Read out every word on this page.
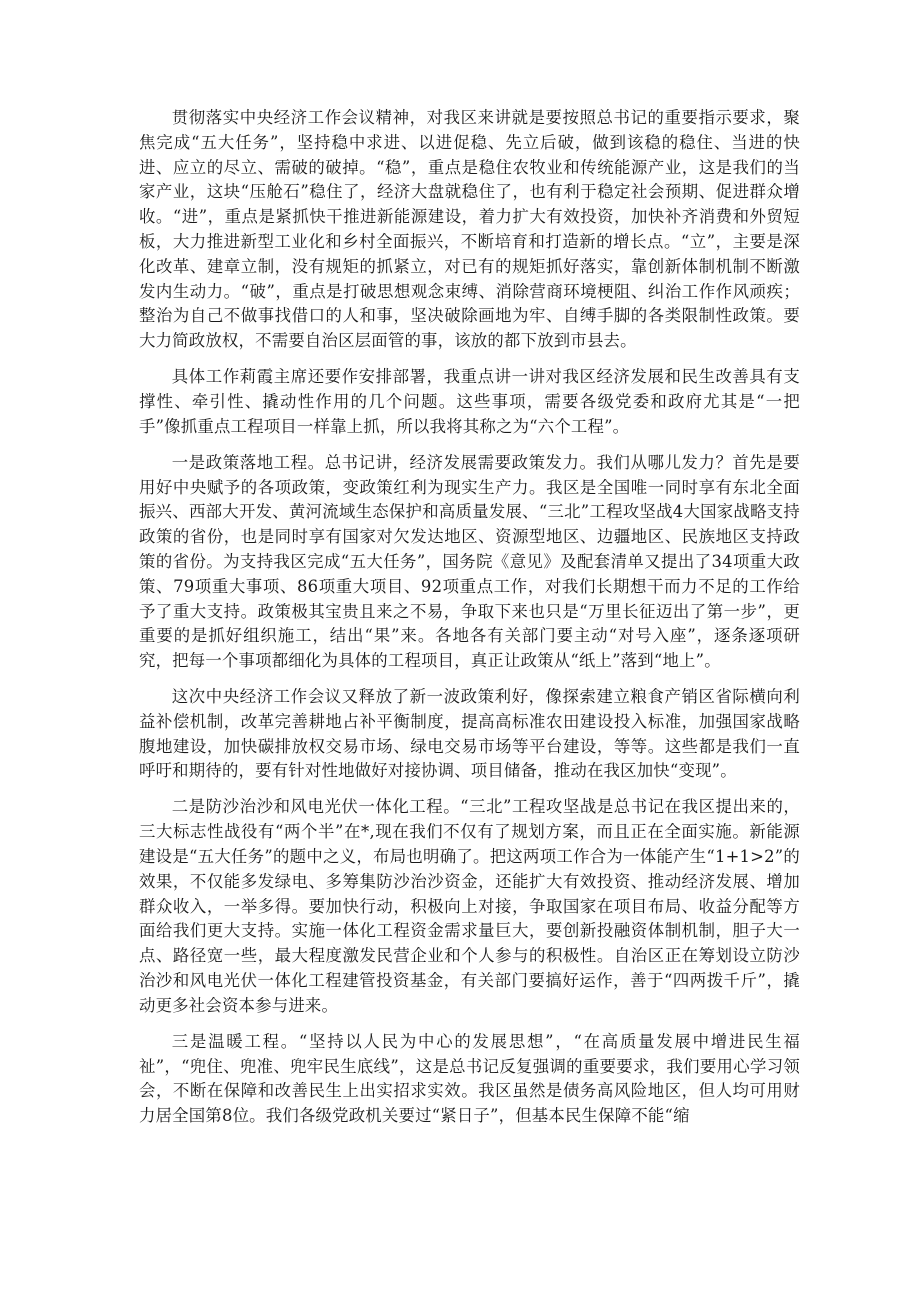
贯彻落实中央经济工作会议精神，对我区来讲就是要按照总书记的重要指示要求，聚焦完成“五大任务”，坚持稳中求进、以进促稳、先立后破，做到该稳的稳住、当进的快进、应立的尽立、需破的破掉。“稳”，重点是稳住农牧业和传统能源产业，这是我们的当家产业，这块“压舱石”稳住了，经济大盘就稳住了，也有利于稳定社会预期、促进群众增收。“进”，重点是紧抓快干推进新能源建设，着力扩大有效投资，加快补齐消费和外贸短板，大力推进新型工业化和乡村全面振兴，不断培育和打造新的增长点。“立”，主要是深化改革、建章立制，没有规矩的抓紧立，对已有的规矩抓好落实，靠创新体制机制不断激发内生动力。“破”，重点是打破思想观念束缚、消除营商环境梗阻、纠治工作作风顽疾；整治为自己不做事找借口的人和事，坚决破除画地为牢、自缚手脚的各类限制性政策。要大力简政放权，不需要自治区层面管的事，该放的都下放到市县去。

具体工作莉霞主席还要作安排部署，我重点讲一讲对我区经济发展和民生改善具有支撑性、牵引性、撬动性作用的几个问题。这些事项，需要各级党委和政府尤其是“一把手”像抓重点工程项目一样靠上抓，所以我将其称之为“六个工程”。

一是政策落地工程。总书记讲，经济发展需要政策发力。我们从哪儿发力？首先是要用好中央赋予的各项政策，变政策红利为现实生产力。我区是全国唯一同时享有东北全面振兴、西部大开发、黄河流域生态保护和高质量发展、“三北”工程攻坚战4大国家战略支持政策的省份，也是同时享有国家对欠发达地区、资源型地区、边疆地区、民族地区支持政策的省份。为支持我区完成“五大任务”，国务院《意见》及配套清单又提出了34项重大政策、79项重大事项、86项重大项目、92项重点工作，对我们长期想干而力不足的工作给予了重大支持。政策极其宝贵且来之不易，争取下来也只是“万里长征迈出了第一步”，更重要的是抓好组织施工，结出“果”来。各地各有关部门要主动“对号入座”，逐条逐项研究，把每一个事项都细化为具体的工程项目，真正让政策从“纸上”落到“地上”。

这次中央经济工作会议又释放了新一波政策利好，像探索建立粮食产销区省际横向利益补偿机制，改革完善耕地占补平衡制度，提高高标准农田建设投入标准，加强国家战略腹地建设，加快碳排放权交易市场、绿电交易市场等平台建设，等等。这些都是我们一直呼吁和期待的，要有针对性地做好对接协调、项目储备，推动在我区加快“变现”。

二是防沙治沙和风电光伏一体化工程。“三北”工程攻坚战是总书记在我区提出来的，三大标志性战役有“两个半”在*,现在我们不仅有了规划方案，而且正在全面实施。新能源建设是“五大任务”的题中之义，布局也明确了。把这两项工作合为一体能产生“1+1>2”的效果，不仅能多发绿电、多筹集防沙治沙资金，还能扩大有效投资、推动经济发展、增加群众收入，一举多得。要加快行动，积极向上对接，争取国家在项目布局、收益分配等方面给我们更大支持。实施一体化工程资金需求量巨大，要创新投融资体制机制，胆子大一点、路径宽一些，最大程度激发民营企业和个人参与的积极性。自治区正在筹划设立防沙治沙和风电光伏一体化工程建管投资基金，有关部门要搞好运作，善于“四两拨千斤”，撬动更多社会资本参与进来。

三是温暖工程。“坚持以人民为中心的发展思想”，“在高质量发展中增进民生福祉”，“兜住、兜准、兜牢民生底线”，这是总书记反复强调的重要要求，我们要用心学习领会，不断在保障和改善民生上出实招求实效。我区虽然是债务高风险地区，但人均可用财力居全国第8位。我们各级党政机关要过“紧日子”，但基本民生保障不能“缩
